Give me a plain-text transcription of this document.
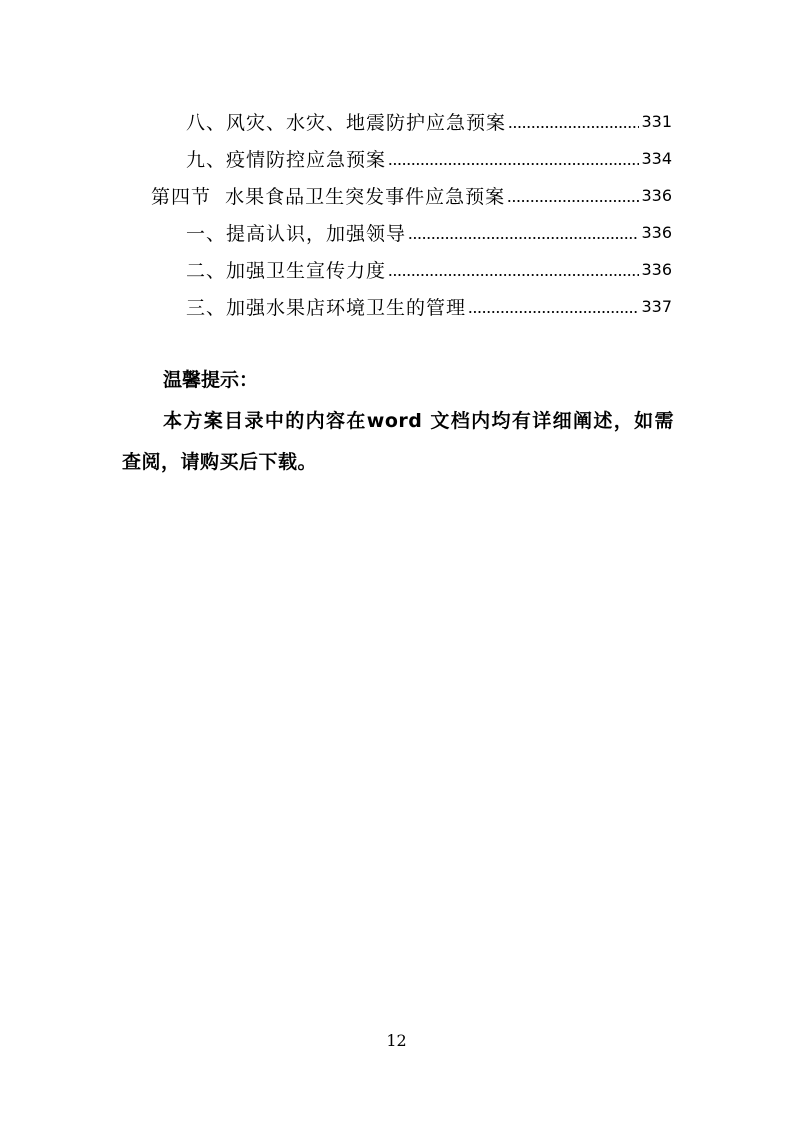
八、风灾、水灾、地震防护应急预案	331
九、疫情防控应急预案	334
第四节  水果食品卫生突发事件应急预案	336
一、提高认识，加强领导	336
二、加强卫生宣传力度	336
三、加强水果店环境卫生的管理	337
温馨提示：
本方案目录中的内容在word 文档内均有详细阐述，如需查阅，请购买后下载。
12
